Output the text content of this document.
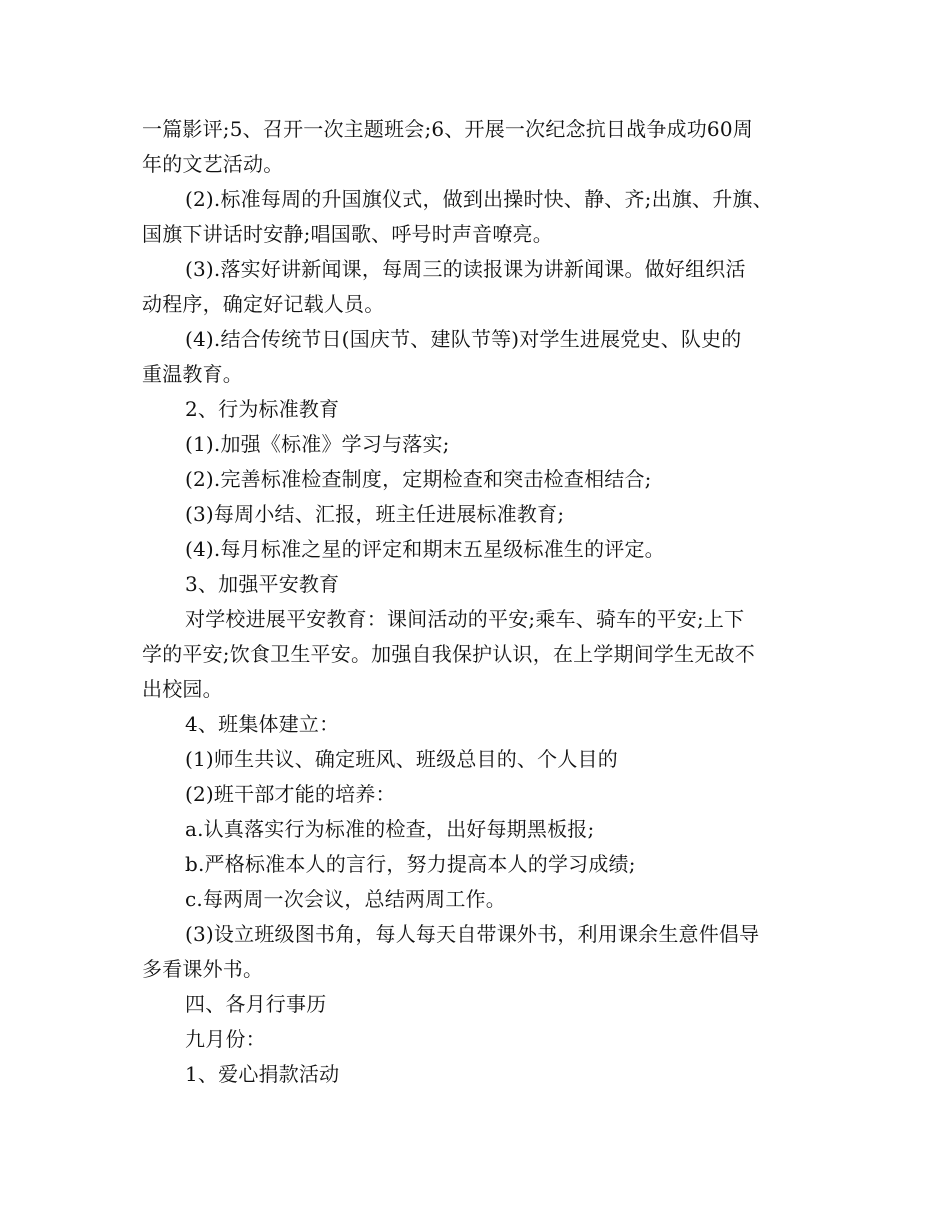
一篇影评;5、召开一次主题班会;6、开展一次纪念抗日战争成功60周
年的文艺活动。
(2).标准每周的升国旗仪式，做到出操时快、静、齐;出旗、升旗、
国旗下讲话时安静;唱国歌、呼号时声音嘹亮。
(3).落实好讲新闻课，每周三的读报课为讲新闻课。做好组织活
动程序，确定好记载人员。
(4).结合传统节日(国庆节、建队节等)对学生进展党史、队史的
重温教育。
2、行为标准教育
(1).加强《标准》学习与落实;
(2).完善标准检查制度，定期检查和突击检查相结合;
(3)每周小结、汇报，班主任进展标准教育;
(4).每月标准之星的评定和期末五星级标准生的评定。
3、加强平安教育
对学校进展平安教育：课间活动的平安;乘车、骑车的平安;上下
学的平安;饮食卫生平安。加强自我保护认识，在上学期间学生无故不
出校园。
4、班集体建立：
(1)师生共议、确定班风、班级总目的、个人目的
(2)班干部才能的培养：
a.认真落实行为标准的检查，出好每期黑板报;
b.严格标准本人的言行，努力提高本人的学习成绩;
c.每两周一次会议，总结两周工作。
(3)设立班级图书角，每人每天自带课外书，利用课余生意件倡导
多看课外书。
四、各月行事历
九月份：
1、爱心捐款活动
